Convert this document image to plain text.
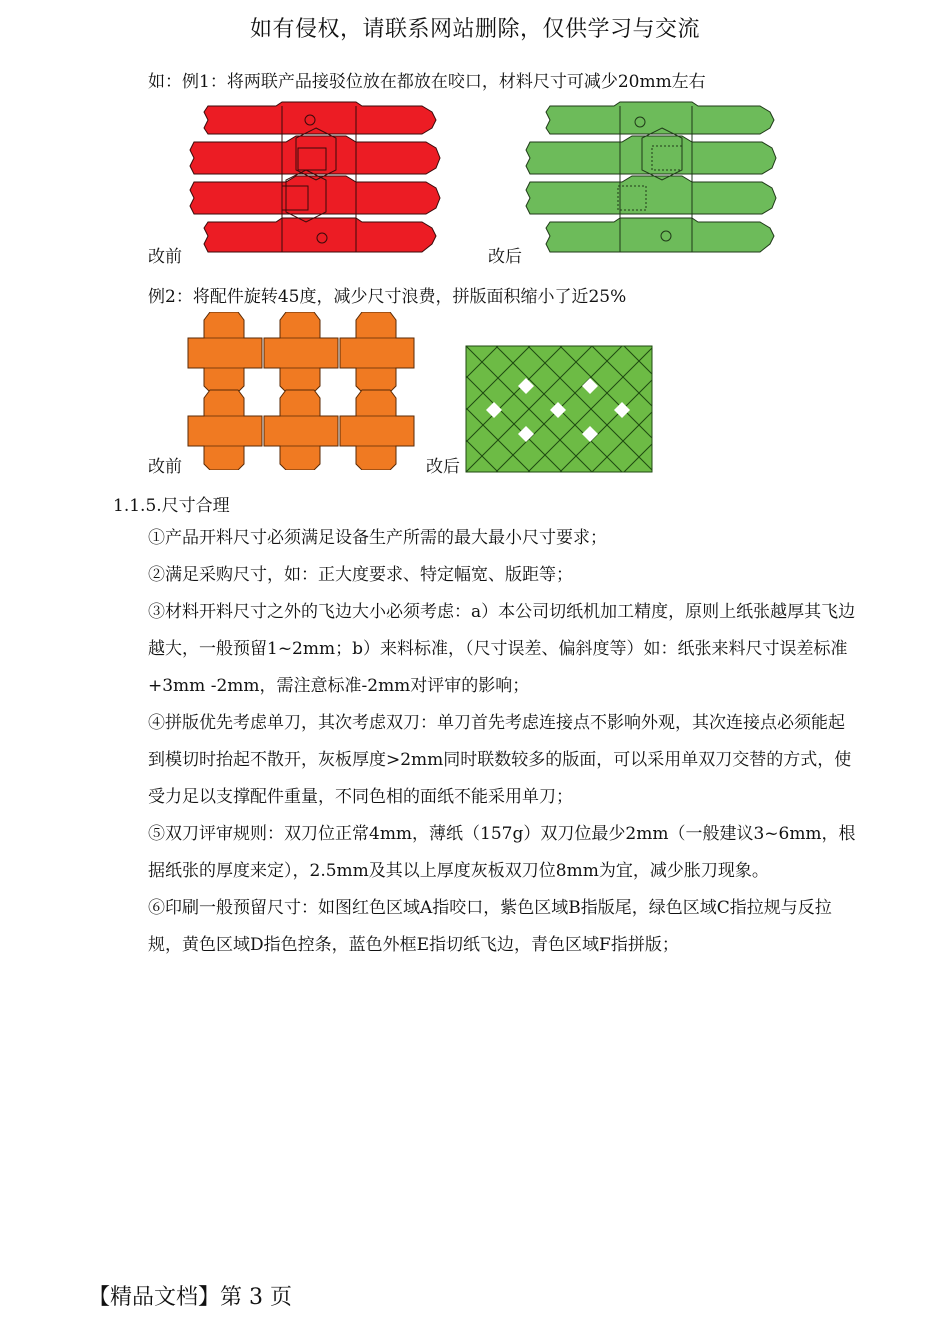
如有侵权，请联系网站删除，仅供学习与交流
如：例1：将两联产品接驳位放在都放在咬口，材料尺寸可减少20mm左右
改前	改后
例2：将配件旋转45度，减少尺寸浪费，拼版面积缩小了近25%
改前	改后
1.1.5.尺寸合理
①产品开料尺寸必须满足设备生产所需的最大最小尺寸要求；
②满足采购尺寸，如：正大度要求、特定幅宽、版距等；
③材料开料尺寸之外的飞边大小必须考虑：a）本公司切纸机加工精度，原则上纸张越厚其飞边越大，一般预留1~2mm；b）来料标准，（尺寸误差、偏斜度等）如：纸张来料尺寸误差标准+3mm -2mm，需注意标准-2mm对评审的影响；
④拼版优先考虑单刀，其次考虑双刀：单刀首先考虑连接点不影响外观，其次连接点必须能起到模切时抬起不散开，灰板厚度>2mm同时联数较多的版面，可以采用单双刀交替的方式，使受力足以支撑配件重量，不同色相的面纸不能采用单刀；
⑤双刀评审规则：双刀位正常4mm，薄纸（157g）双刀位最少2mm（一般建议3~6mm，根据纸张的厚度来定），2.5mm及其以上厚度灰板双刀位8mm为宜，减少胀刀现象。
⑥印刷一般预留尺寸：如图红色区域A指咬口，紫色区域B指版尾，绿色区域C指拉规与反拉规，黄色区域D指色控条，蓝色外框E指切纸飞边，青色区域F指拼版；
【精品文档】第 3 页
